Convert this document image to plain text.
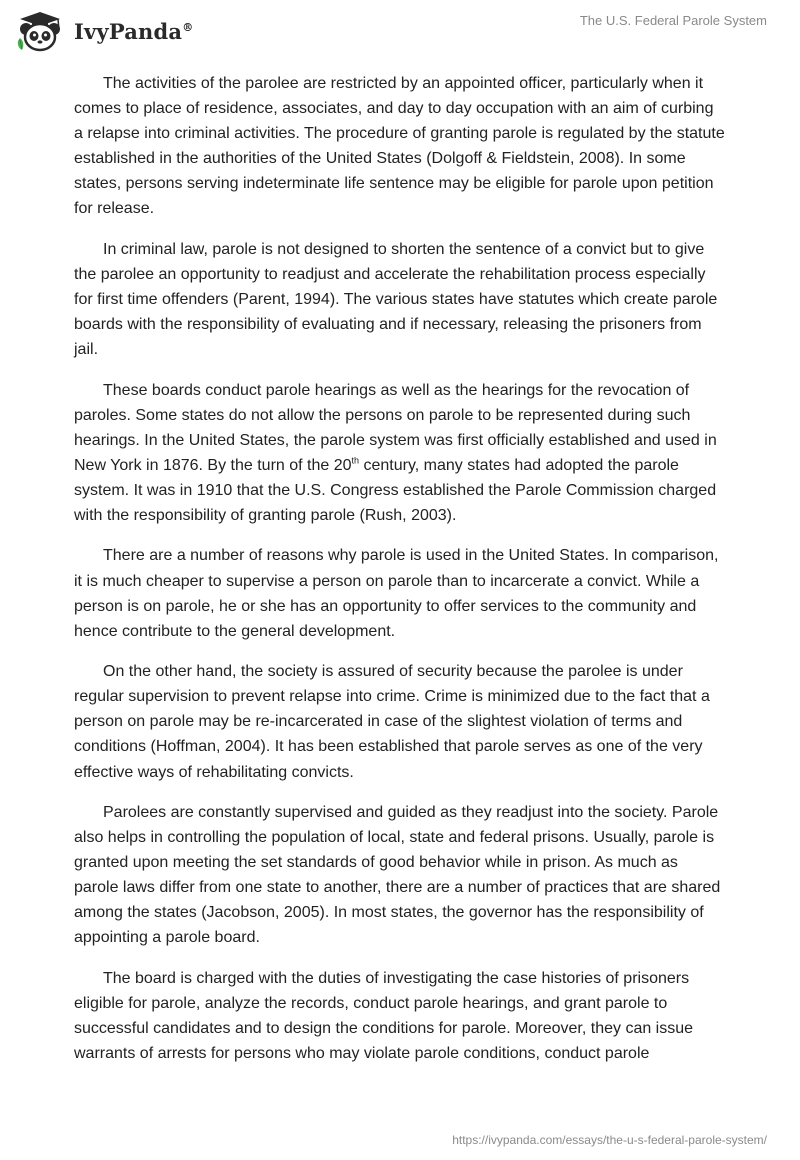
IvyPanda®	The U.S. Federal Parole System

The activities of the parolee are restricted by an appointed officer, particularly when it comes to place of residence, associates, and day to day occupation with an aim of curbing a relapse into criminal activities. The procedure of granting parole is regulated by the statute established in the authorities of the United States (Dolgoff & Fieldstein, 2008). In some states, persons serving indeterminate life sentence may be eligible for parole upon petition for release.

In criminal law, parole is not designed to shorten the sentence of a convict but to give the parolee an opportunity to readjust and accelerate the rehabilitation process especially for first time offenders (Parent, 1994). The various states have statutes which create parole boards with the responsibility of evaluating and if necessary, releasing the prisoners from jail.

These boards conduct parole hearings as well as the hearings for the revocation of paroles. Some states do not allow the persons on parole to be represented during such hearings. In the United States, the parole system was first officially established and used in New York in 1876. By the turn of the 20th century, many states had adopted the parole system. It was in 1910 that the U.S. Congress established the Parole Commission charged with the responsibility of granting parole (Rush, 2003).

There are a number of reasons why parole is used in the United States. In comparison, it is much cheaper to supervise a person on parole than to incarcerate a convict. While a person is on parole, he or she has an opportunity to offer services to the community and hence contribute to the general development.

On the other hand, the society is assured of security because the parolee is under regular supervision to prevent relapse into crime. Crime is minimized due to the fact that a person on parole may be re-incarcerated in case of the slightest violation of terms and conditions (Hoffman, 2004). It has been established that parole serves as one of the very effective ways of rehabilitating convicts.

Parolees are constantly supervised and guided as they readjust into the society. Parole also helps in controlling the population of local, state and federal prisons. Usually, parole is granted upon meeting the set standards of good behavior while in prison. As much as parole laws differ from one state to another, there are a number of practices that are shared among the states (Jacobson, 2005). In most states, the governor has the responsibility of appointing a parole board.

The board is charged with the duties of investigating the case histories of prisoners eligible for parole, analyze the records, conduct parole hearings, and grant parole to successful candidates and to design the conditions for parole. Moreover, they can issue warrants of arrests for persons who may violate parole conditions, conduct parole

https://ivypanda.com/essays/the-u-s-federal-parole-system/
